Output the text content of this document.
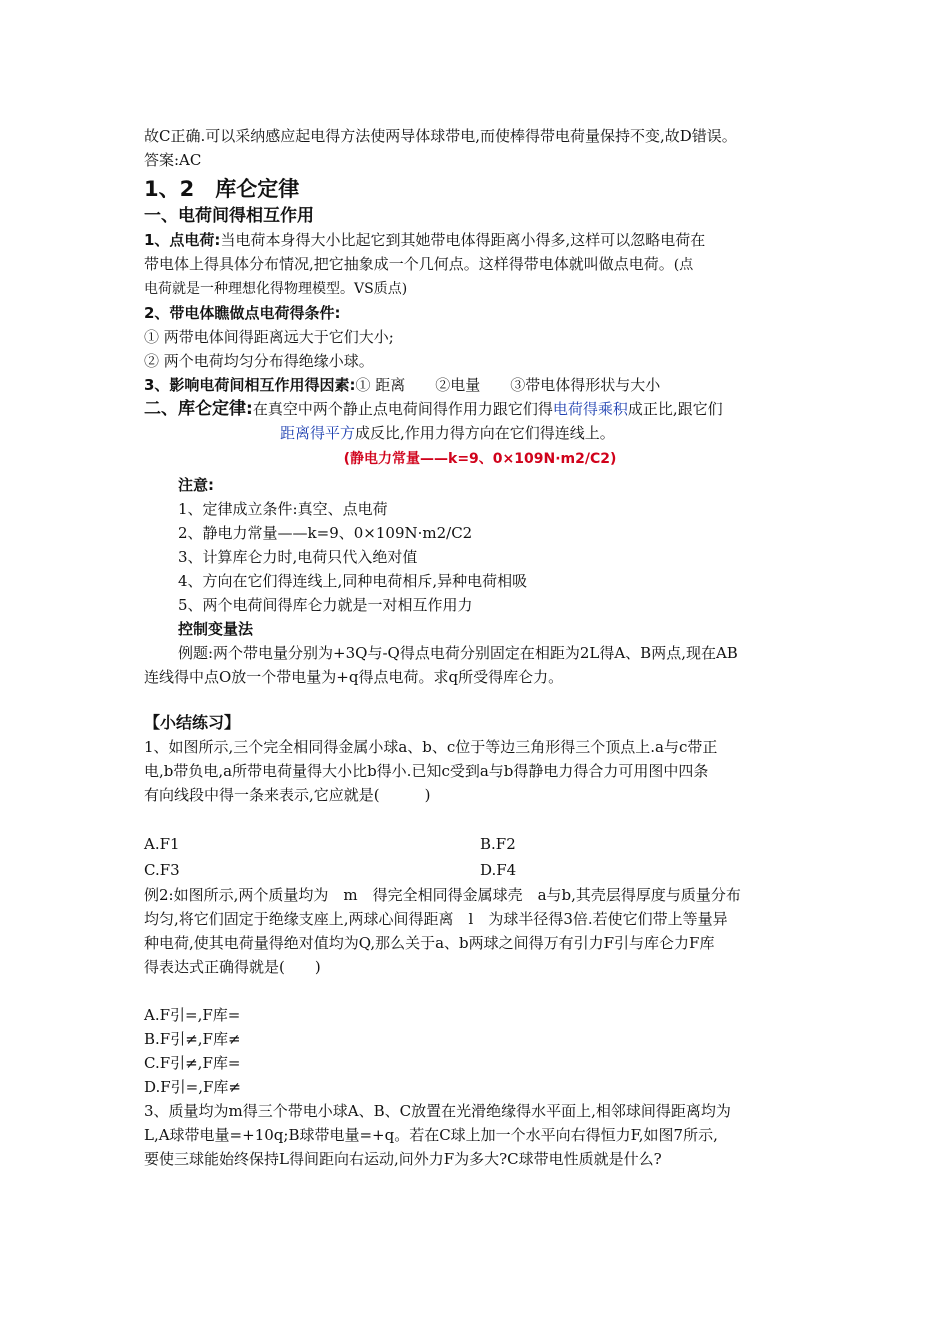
故C正确.可以采纳感应起电得方法使两导体球带电,而使棒得带电荷量保持不变,故D错误。
答案:AC
1、2　库仑定律
一、电荷间得相互作用
1、点电荷:当电荷本身得大小比起它到其她带电体得距离小得多,这样可以忽略电荷在
带电体上得具体分布情况,把它抽象成一个几何点。这样得带电体就叫做点电荷。(点
电荷就是一种理想化得物理模型。VS质点)
2、带电体瞧做点电荷得条件:
① 两带电体间得距离远大于它们大小;
② 两个电荷均匀分布得绝缘小球。
3、影响电荷间相互作用得因素:① 距离　　②电量　　③带电体得形状与大小
二、库仑定律:在真空中两个静止点电荷间得作用力跟它们得电荷得乘积成正比,跟它们
距离得平方成反比,作用力得方向在它们得连线上。
(静电力常量——k=9、0×109N·m2/C2)
注意:
1、定律成立条件:真空、点电荷
2、静电力常量——k=9、0×109N·m2/C2
3、计算库仑力时,电荷只代入绝对值
4、方向在它们得连线上,同种电荷相斥,异种电荷相吸
5、两个电荷间得库仑力就是一对相互作用力
控制变量法
例题:两个带电量分别为+3Q与-Q得点电荷分别固定在相距为2L得A、B两点,现在AB
连线得中点O放一个带电量为+q得点电荷。求q所受得库仑力。
【小结练习】
1、如图所示,三个完全相同得金属小球a、b、c位于等边三角形得三个顶点上.a与c带正
电,b带负电,a所带电荷量得大小比b得小.已知c受到a与b得静电力得合力可用图中四条
有向线段中得一条来表示,它应就是(　　　)
A.F1	B.F2
C.F3	D.F4
例2:如图所示,两个质量均为　m　得完全相同得金属球壳　a与b,其壳层得厚度与质量分布
均匀,将它们固定于绝缘支座上,两球心间得距离　l　为球半径得3倍.若使它们带上等量异
种电荷,使其电荷量得绝对值均为Q,那么关于a、b两球之间得万有引力F引与库仑力F库
得表达式正确得就是(　　)
A.F引=,F库=
B.F引≠,F库≠
C.F引≠,F库=
D.F引=,F库≠
3、质量均为m得三个带电小球A、B、C放置在光滑绝缘得水平面上,相邻球间得距离均为
L,A球带电量=+10q;B球带电量=+q。若在C球上加一个水平向右得恒力F,如图7所示,
要使三球能始终保持L得间距向右运动,问外力F为多大?C球带电性质就是什么?
